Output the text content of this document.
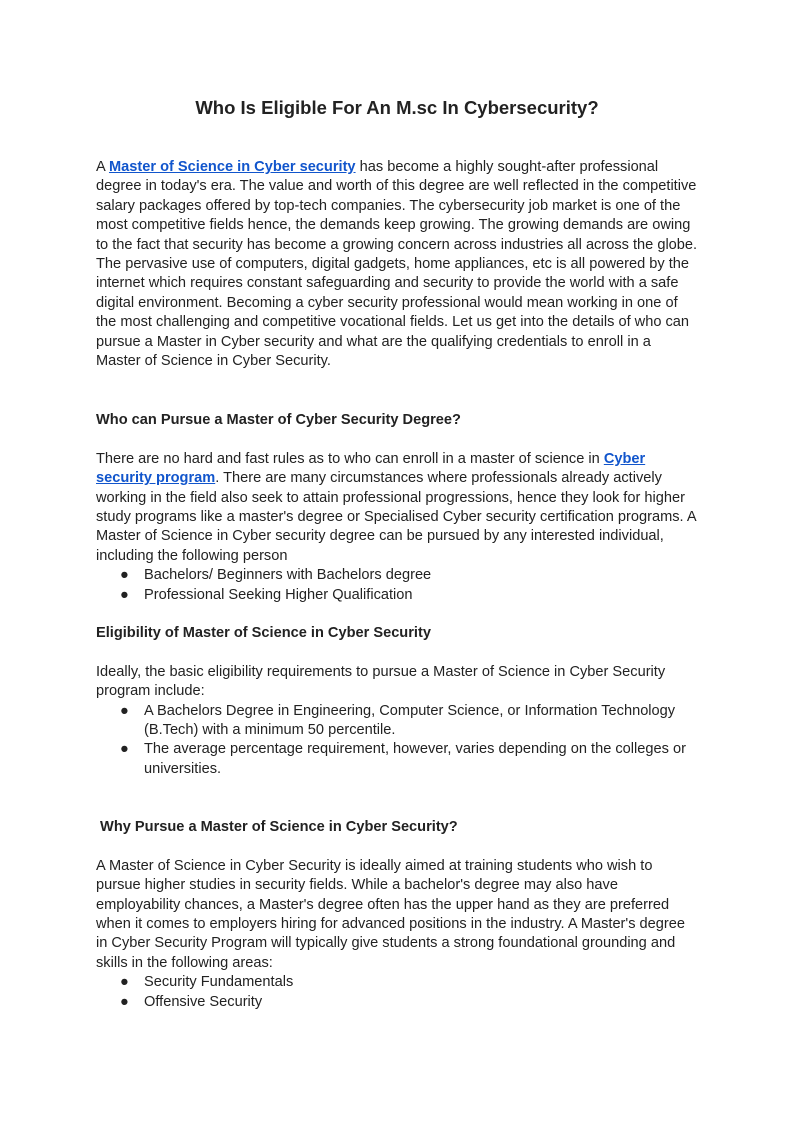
Who Is Eligible For An M.sc In Cybersecurity?

A Master of Science in Cyber security has become a highly sought-after professional degree in today's era. The value and worth of this degree are well reflected in the competitive salary packages offered by top-tech companies. The cybersecurity job market is one of the most competitive fields hence, the demands keep growing. The growing demands are owing to the fact that security has become a growing concern across industries all across the globe. The pervasive use of computers, digital gadgets, home appliances, etc is all powered by the internet which requires constant safeguarding and security to provide the world with a safe digital environment. Becoming a cyber security professional would mean working in one of the most challenging and competitive vocational fields. Let us get into the details of who can pursue a Master in Cyber security and what are the qualifying credentials to enroll in a Master of Science in Cyber Security.

Who can Pursue a Master of Cyber Security Degree?

There are no hard and fast rules as to who can enroll in a master of science in Cyber security program. There are many circumstances where professionals already actively working in the field also seek to attain professional progressions, hence they look for higher study programs like a master's degree or Specialised Cyber security certification programs. A Master of Science in Cyber security degree can be pursued by any interested individual, including the following person

● Bachelors/ Beginners with Bachelors degree
● Professional Seeking Higher Qualification
Eligibility of Master of Science in Cyber Security

Ideally, the basic eligibility requirements to pursue a Master of Science in Cyber Security program include:

● A Bachelors Degree in Engineering, Computer Science, or Information Technology (B.Tech) with a minimum 50 percentile.
● The average percentage requirement, however, varies depending on the colleges or universities.
Why Pursue a Master of Science in Cyber Security?

A Master of Science in Cyber Security is ideally aimed at training students who wish to pursue higher studies in security fields. While a bachelor's degree may also have employability chances, a Master's degree often has the upper hand as they are preferred when it comes to employers hiring for advanced positions in the industry. A Master's degree in Cyber Security Program will typically give students a strong foundational grounding and skills in the following areas:

● Security Fundamentals
● Offensive Security
